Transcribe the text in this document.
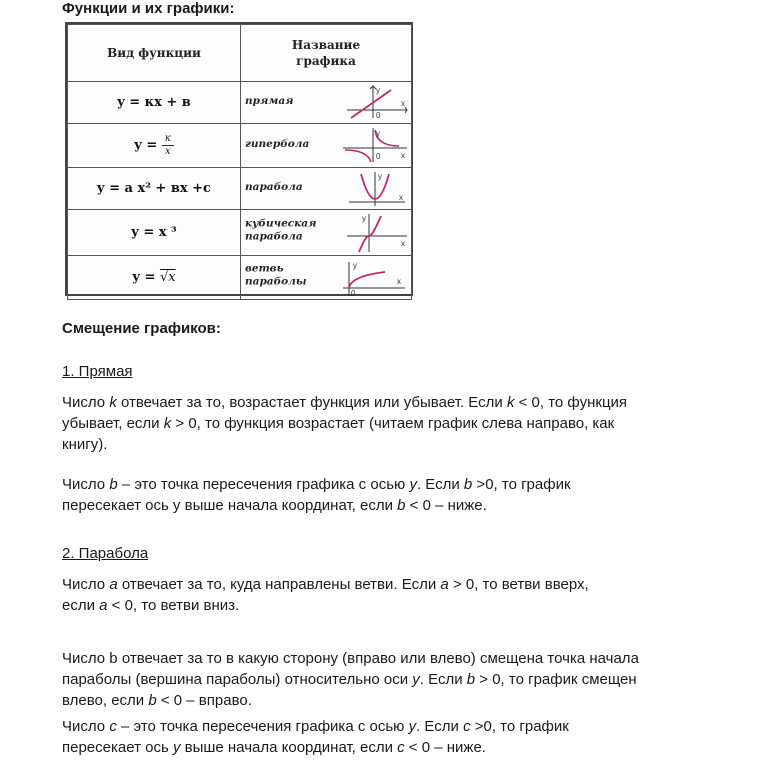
Функции и их графики:
Вид функции	Название
графика
y = кx + в	прямая
y
0
x

$y = \frac{к}{x}$	гипербола
y
0 x

y = a x² + вx +c	парабола
y
x

y = x ³	кубическая
парабола
y
x

y = √x	ветвь
параболы
y
0
x
Смещение графиков:
1. Прямая
Число k отвечает за то, возрастает функция или убывает. Если k < 0, то функция
убывает, если k > 0, то функция возрастает (читаем график слева направо, как
книгу).
Число b – это точка пересечения графика с осью у. Если b >0, то график
пересекает ось у выше начала координат, если b < 0 – ниже.
2. Парабола
Число a отвечает за то, куда направлены ветви. Если a > 0, то ветви вверх,
если a < 0, то ветви вниз.
Число b отвечает за то в какую сторону (вправо или влево) смещена точка начала
параболы (вершина параболы) относительно оси у. Если b > 0, то график смещен
влево, если b < 0 – вправо.
Число c – это точка пересечения графика с осью у. Если c >0, то график
пересекает ось у выше начала координат, если c < 0 – ниже.
